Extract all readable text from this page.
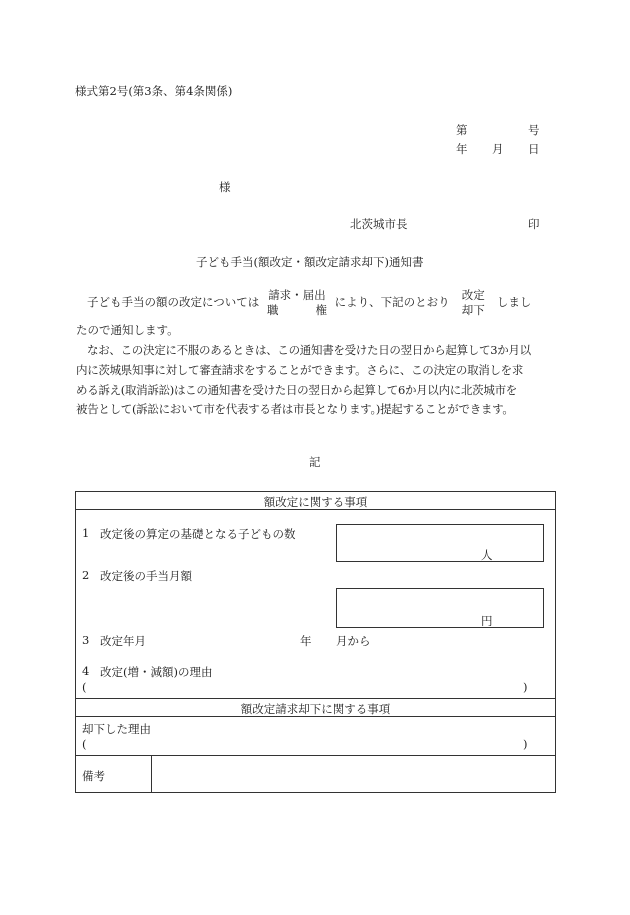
様式第2号(第3条、第4条関係)
第	号
年 月 日
様
北茨城市長	印
子ども手当(額改定・額改定請求却下)通知書

子ども手当の額の改定については 請求・届出
職	権
により、下記のとおり 改定
却下
しまし

たので通知します。
なお、この決定に不服のあるときは、この通知書を受けた日の翌日から起算して3か月以
内に茨城県知事に対して審査請求をすることができます。さらに、この決定の取消しを求
める訴え(取消訴訟)はこの通知書を受けた日の翌日から起算して6か月以内に北茨城市を
被告として(訴訟において市を代表する者は市長となります。)提起することができます。
記
額改定に関する事項
1 改定後の算定の基礎となる子どもの数
人
2 改定後の手当月額
円
3 改定年月	年 月から
4 改定(増・減額)の理由
(	)
額改定請求却下に関する事項
却下した理由
(	)
備考
